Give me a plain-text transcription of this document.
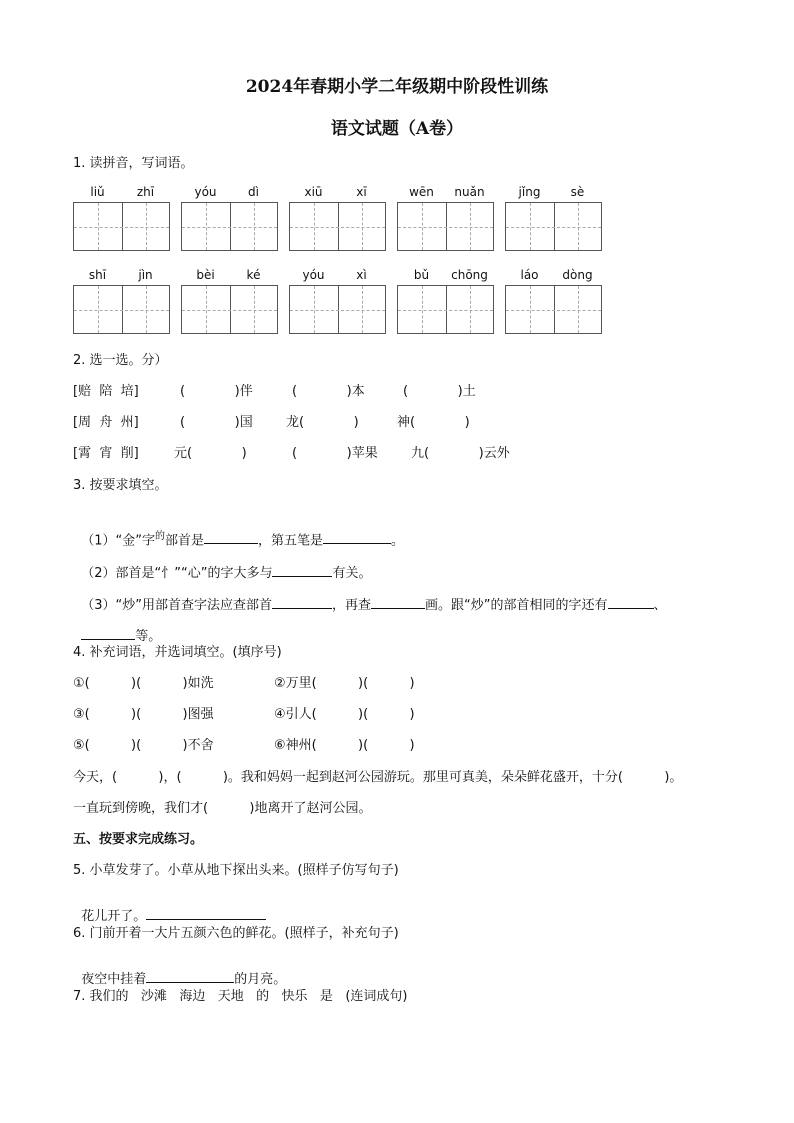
2024年春期小学二年级期中阶段性训练
语文试题（A卷）
1. 读拼音，写词语。
liǔ	zhī	yóu	dì	xiū	xī	wēn	nuǎn	jǐng	sè
shī	jìn	bèi	ké	yóu	xì	bǔ	chōng	láo	dòng
2. 选一选。分）
[赔  陪  培]	(            )伴	(            )本	(            )土
[周  舟  州]	(            )国	龙(            )	神(            )
[霄  宵  削]	元(            )	(            )苹果	九(            )云外
3. 按要求填空。

（1）“金”字$^的$部首是	，第五笔是	。

（2）部首是“忄”“心”的字大多与	有关。

（3）“炒”用部首查字法应查部首	，再查	画。跟“炒”的部首相同的字还有	、

等。

4. 补充词语，并选词填空。(填序号)
①(          )(          )如洗	②万里(          )(          )
③(          )(          )图强	④引人(          )(          )
⑤(          )(          )不舍	⑥神州(          )(          )
今天，(          )，(          )。我和妈妈一起到赵河公园游玩。那里可真美，朵朵鲜花盛开，十分(          )。
一直玩到傍晚，我们才(          )地离开了赵河公园。
五、按要求完成练习。
5. 小草发芽了。小草从地下探出头来。(照样子仿写句子)

花儿开了。

6. 门前开着一大片五颜六色的鲜花。(照样子，补充句子)

夜空中挂着	的月亮。

7. 我们的   沙滩   海边   天地   的   快乐   是   (连词成句)
